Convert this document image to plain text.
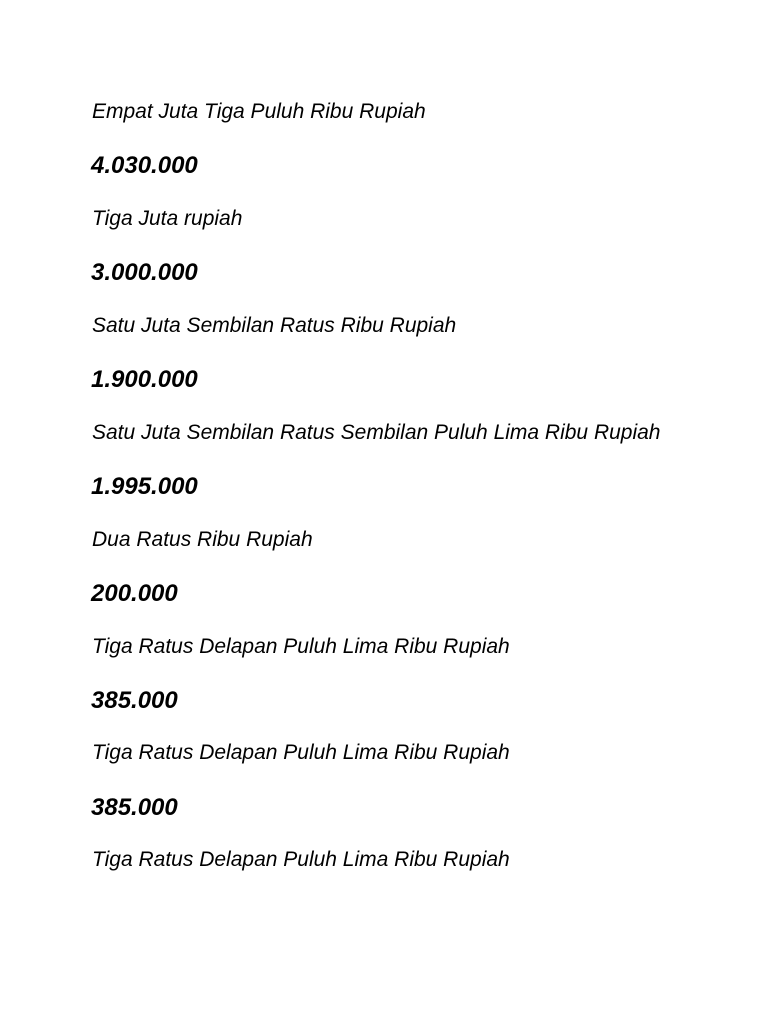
Empat Juta Tiga Puluh Ribu Rupiah
4.030.000
Tiga Juta rupiah
3.000.000
Satu Juta Sembilan Ratus Ribu Rupiah
1.900.000
Satu Juta Sembilan Ratus Sembilan Puluh Lima Ribu Rupiah
1.995.000
Dua Ratus Ribu Rupiah
200.000
Tiga Ratus Delapan Puluh Lima Ribu Rupiah
385.000
Tiga Ratus Delapan Puluh Lima Ribu Rupiah
385.000
Tiga Ratus Delapan Puluh Lima Ribu Rupiah
